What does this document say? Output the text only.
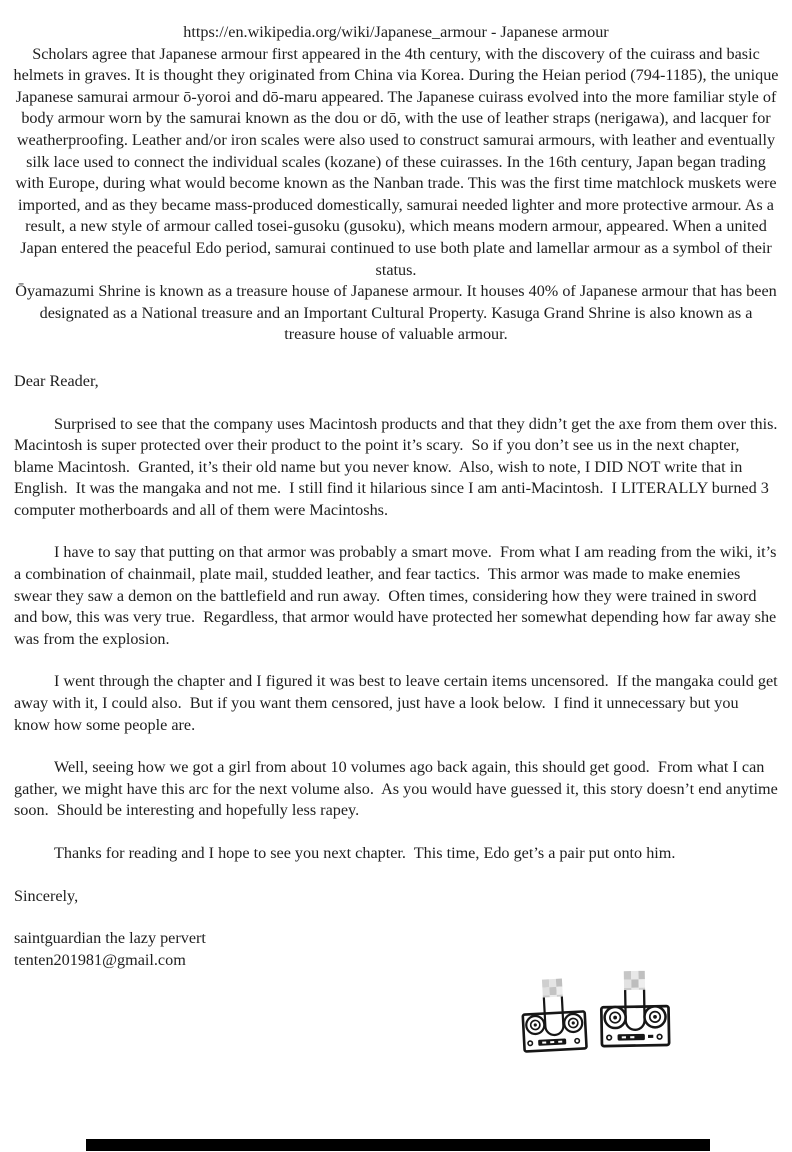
https://en.wikipedia.org/wiki/Japanese_armour - Japanese armour

Scholars agree that Japanese armour first appeared in the 4th century, with the discovery of the cuirass and basic helmets in graves. It is thought they originated from China via Korea. During the Heian period (794-1185), the unique Japanese samurai armour ō-yoroi and dō-maru appeared. The Japanese cuirass evolved into the more familiar style of body armour worn by the samurai known as the dou or dō, with the use of leather straps (nerigawa), and lacquer for weatherproofing. Leather and/or iron scales were also used to construct samurai armours, with leather and eventually silk lace used to connect the individual scales (kozane) of these cuirasses. In the 16th century, Japan began trading with Europe, during what would become known as the Nanban trade. This was the first time matchlock muskets were imported, and as they became mass-produced domestically, samurai needed lighter and more protective armour. As a result, a new style of armour called tosei-gusoku (gusoku), which means modern armour, appeared. When a united Japan entered the peaceful Edo period, samurai continued to use both plate and lamellar armour as a symbol of their status.

Ōyamazumi Shrine is known as a treasure house of Japanese armour. It houses 40% of Japanese armour that has been designated as a National treasure and an Important Cultural Property. Kasuga Grand Shrine is also known as a treasure house of valuable armour.

Dear Reader,

Surprised to see that the company uses Macintosh products and that they didn’t get the axe from them over this.  Macintosh is super protected over their product to the point it’s scary.  So if you don’t see us in the next chapter, blame Macintosh.  Granted, it’s their old name but you never know.  Also, wish to note, I DID NOT write that in English.  It was the mangaka and not me.  I still find it hilarious since I am anti-Macintosh.  I LITERALLY burned 3 computer motherboards and all of them were Macintoshs.

I have to say that putting on that armor was probably a smart move.  From what I am reading from the wiki, it’s a combination of chainmail, plate mail, studded leather, and fear tactics.  This armor was made to make enemies swear they saw a demon on the battlefield and run away.  Often times, considering how they were trained in sword and bow, this was very true.  Regardless, that armor would have protected her somewhat depending how far away she was from the explosion.

I went through the chapter and I figured it was best to leave certain items uncensored.  If the mangaka could get away with it, I could also.  But if you want them censored, just have a look below.  I find it unnecessary but you know how some people are.

Well, seeing how we got a girl from about 10 volumes ago back again, this should get good.  From what I can gather, we might have this arc for the next volume also.  As you would have guessed it, this story doesn’t end anytime soon.  Should be interesting and hopefully less rapey.

Thanks for reading and I hope to see you next chapter.  This time, Edo get’s a pair put onto him.

Sincerely,

saintguardian the lazy pervert

tenten201981@gmail.com
